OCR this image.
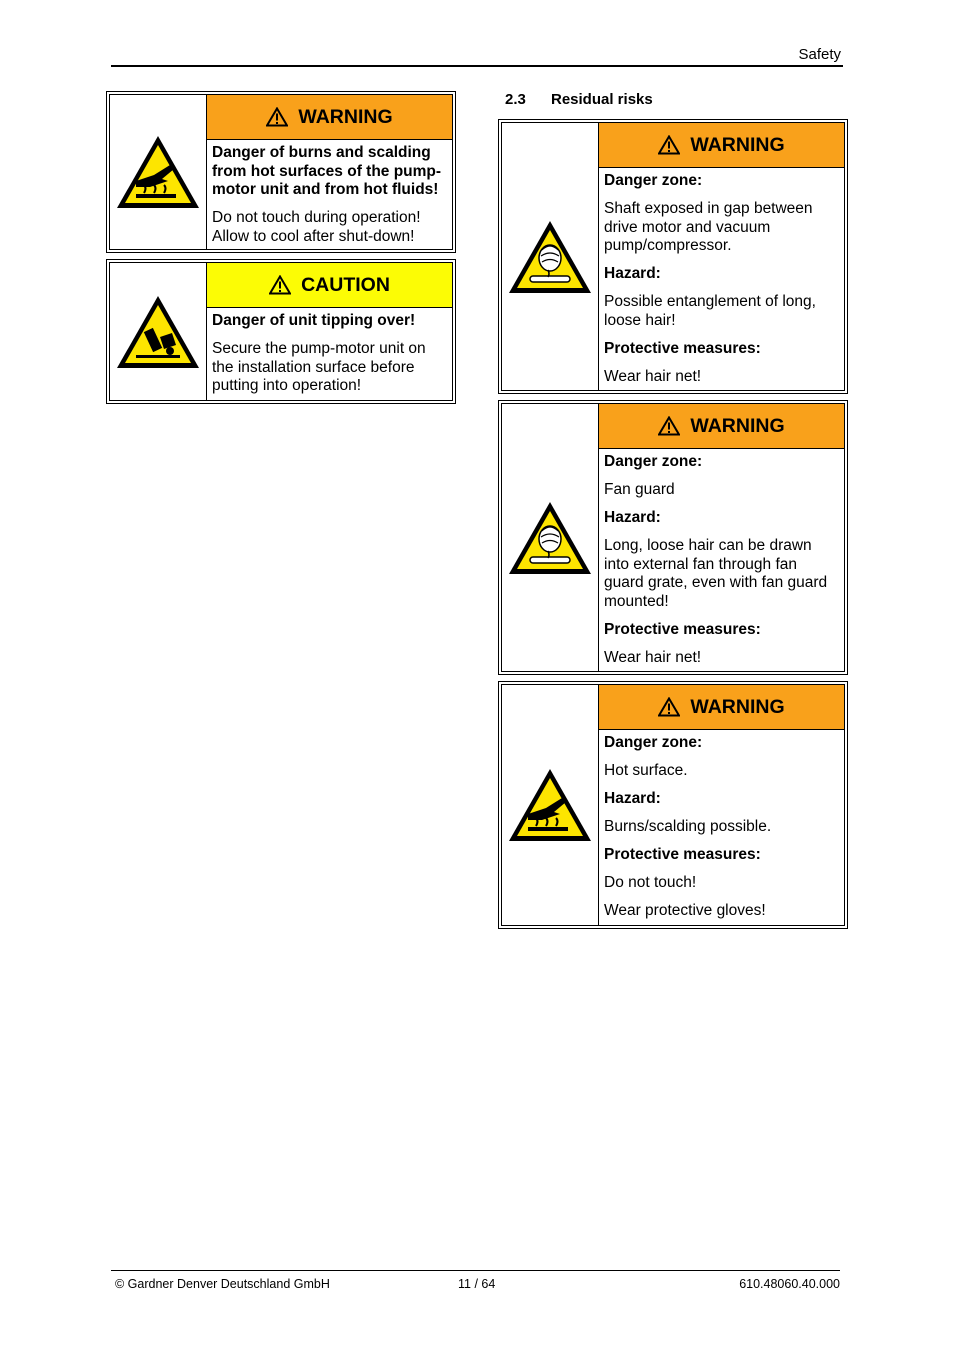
Safety
WARNING

Danger of burns and scalding from hot surfaces of the pump-motor unit and from hot fluids!

Do not touch during operation! Allow to cool after shut-down!

CAUTION

Danger of unit tipping over!

Secure the pump-motor unit on the installation surface before putting into operation!

2.3 Residual risks
WARNING

Danger zone:

Shaft exposed in gap between drive motor and vacuum pump/compressor.

Hazard:

Possible entanglement of long, loose hair!

Protective measures:

Wear hair net!

WARNING

Danger zone:

Fan guard

Hazard:

Long, loose hair can be drawn into external fan through fan guard grate, even with fan guard mounted!

Protective measures:

Wear hair net!

WARNING

Danger zone:

Hot surface.

Hazard:

Burns/scalding possible.

Protective measures:

Do not touch!

Wear protective gloves!

© Gardner Denver Deutschland GmbH	11 / 64	610.48060.40.000
